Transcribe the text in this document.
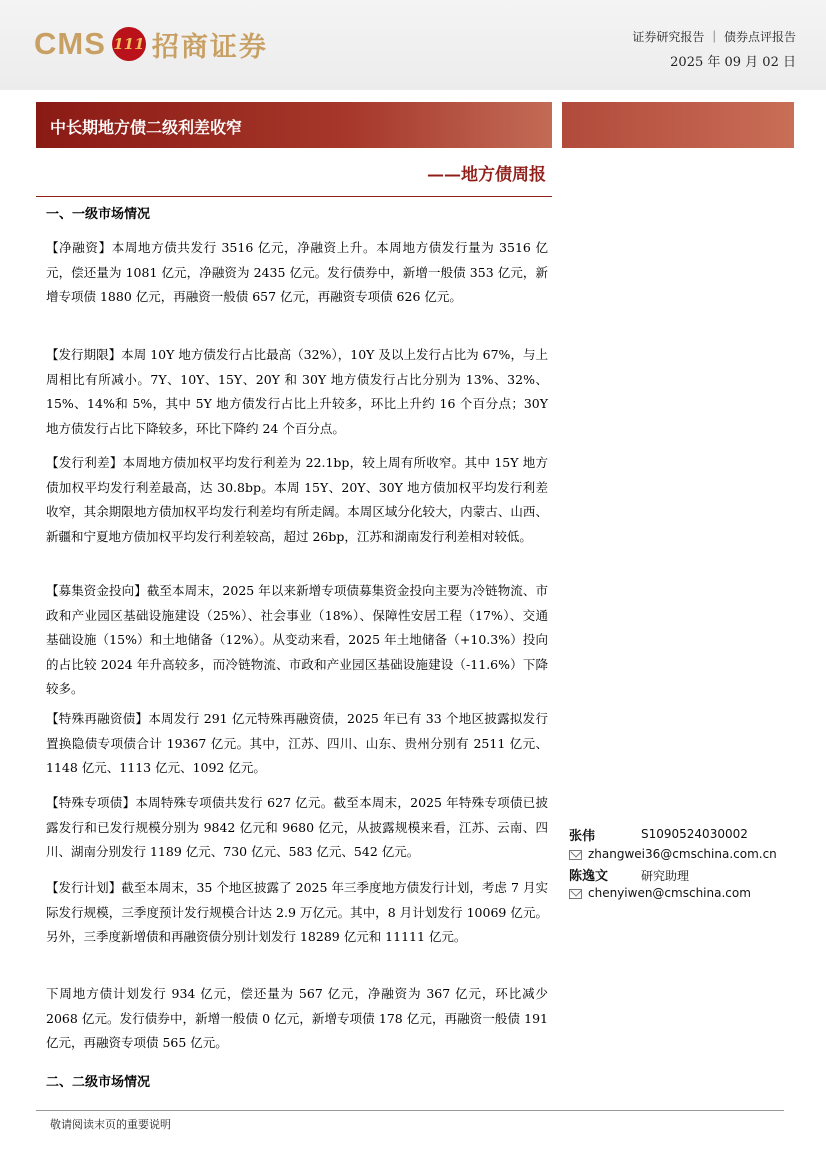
CMS 111 招商证券	证券研究报告 ｜ 债券点评报告
2025 年 09 月 02 日
中长期地方债二级利差收窄
——地方债周报
一、一级市场情况
【净融资】本周地方债共发行 3516 亿元，净融资上升。本周地方债发行量为 3516 亿元，偿还量为 1081 亿元，净融资为 2435 亿元。发行债券中，新增一般债 353 亿元，新增专项债 1880 亿元，再融资一般债 657 亿元，再融资专项债 626 亿元。
【发行期限】本周 10Y 地方债发行占比最高（32%），10Y 及以上发行占比为 67%，与上周相比有所减小。7Y、10Y、15Y、20Y 和 30Y 地方债发行占比分别为 13%、32%、15%、14%和 5%，其中 5Y 地方债发行占比上升较多，环比上升约 16 个百分点；30Y 地方债发行占比下降较多，环比下降约 24 个百分点。
【发行利差】本周地方债加权平均发行利差为 22.1bp，较上周有所收窄。其中 15Y 地方债加权平均发行利差最高，达 30.8bp。本周 15Y、20Y、30Y 地方债加权平均发行利差收窄，其余期限地方债加权平均发行利差均有所走阔。本周区域分化较大，内蒙古、山西、新疆和宁夏地方债加权平均发行利差较高，超过 26bp，江苏和湖南发行利差相对较低。
【募集资金投向】截至本周末，2025 年以来新增专项债募集资金投向主要为冷链物流、市政和产业园区基础设施建设（25%）、社会事业（18%）、保障性安居工程（17%）、交通基础设施（15%）和土地储备（12%）。从变动来看，2025 年土地储备（+10.3%）投向的占比较 2024 年升高较多，而冷链物流、市政和产业园区基础设施建设（-11.6%）下降较多。
【特殊再融资债】本周发行 291 亿元特殊再融资债，2025 年已有 33 个地区披露拟发行置换隐债专项债合计 19367 亿元。其中，江苏、四川、山东、贵州分别有 2511 亿元、1148 亿元、1113 亿元、1092 亿元。
【特殊专项债】本周特殊专项债共发行 627 亿元。截至本周末，2025 年特殊专项债已披露发行和已发行规模分别为 9842 亿元和 9680 亿元，从披露规模来看，江苏、云南、四川、湖南分别发行 1189 亿元、730 亿元、583 亿元、542 亿元。
【发行计划】截至本周末，35 个地区披露了 2025 年三季度地方债发行计划，考虑 7 月实际发行规模，三季度预计发行规模合计达 2.9 万亿元。其中，8 月计划发行 10069 亿元。另外，三季度新增债和再融资债分别计划发行 18289 亿元和 11111 亿元。
下周地方债计划发行 934 亿元，偿还量为 567 亿元，净融资为 367 亿元，环比减少 2068 亿元。发行债券中，新增一般债 0 亿元，新增专项债 178 亿元，再融资一般债 191 亿元，再融资专项债 565 亿元。
二、二级市场情况
张伟	S1090524030002
zhangwei36@cmschina.com.cn
陈逸文	研究助理
chenyiwen@cmschina.com
敬请阅读末页的重要说明
